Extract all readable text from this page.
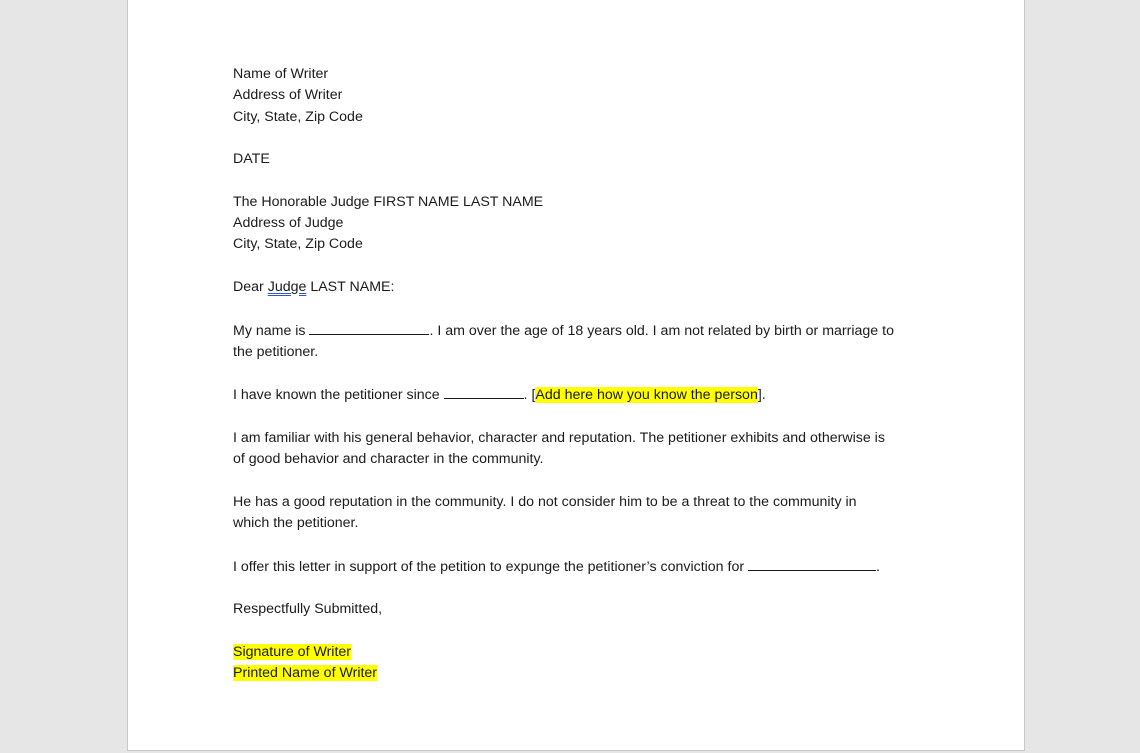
Name of Writer
Address of Writer
City, State, Zip Code
DATE
The Honorable Judge FIRST NAME LAST NAME
Address of Judge
City, State, Zip Code
Dear Judge LAST NAME:
My name is	. I am over the age of 18 years old. I am not related by birth or marriage to
the petitioner.
I have known the petitioner since	. [Add here how you know the person].
I am familiar with his general behavior, character and reputation. The petitioner exhibits and otherwise is
of good behavior and character in the community.
He has a good reputation in the community. I do not consider him to be a threat to the community in
which the petitioner.
I offer this letter in support of the petition to expunge the petitioner’s conviction for	.
Respectfully Submitted,
Signature of Writer
Printed Name of Writer
